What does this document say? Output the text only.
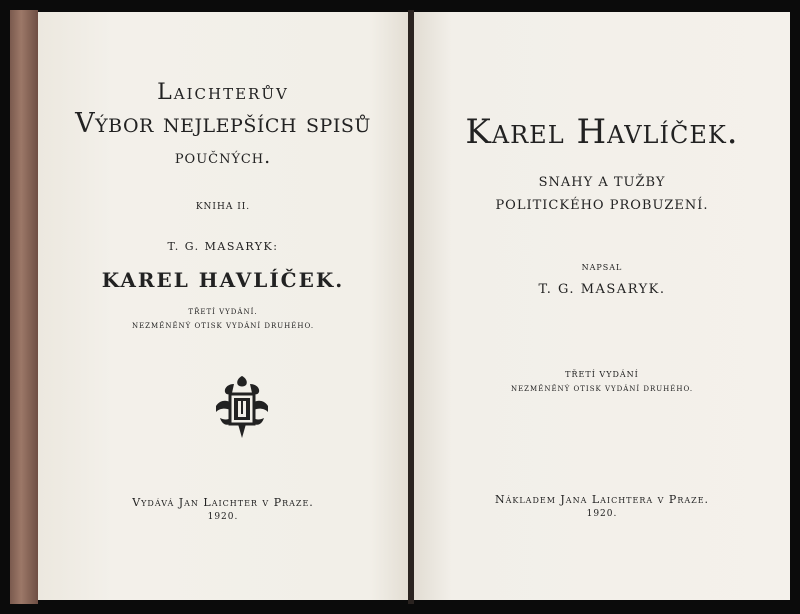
Laichterův
Výbor nejlepších spisů
poučných.
KNIHA II.
T. G. MASARYK:
KAREL HAVLÍČEK.
TŘETÍ VYDÁNÍ.
NEZMĚNĚNÝ OTISK VYDÁNÍ DRUHÉHO.
Vydává Jan Laichter v Praze.
1920.
Karel Havlíček.
SNAHY A TUŽBY
POLITICKÉHO PROBUZENÍ.
NAPSAL
T. G. MASARYK.
TŘETÍ VYDÁNÍ
NEZMĚNĚNÝ OTISK VYDÁNÍ DRUHÉHO.
Nákladem Jana Laichtera v Praze.
1920.
